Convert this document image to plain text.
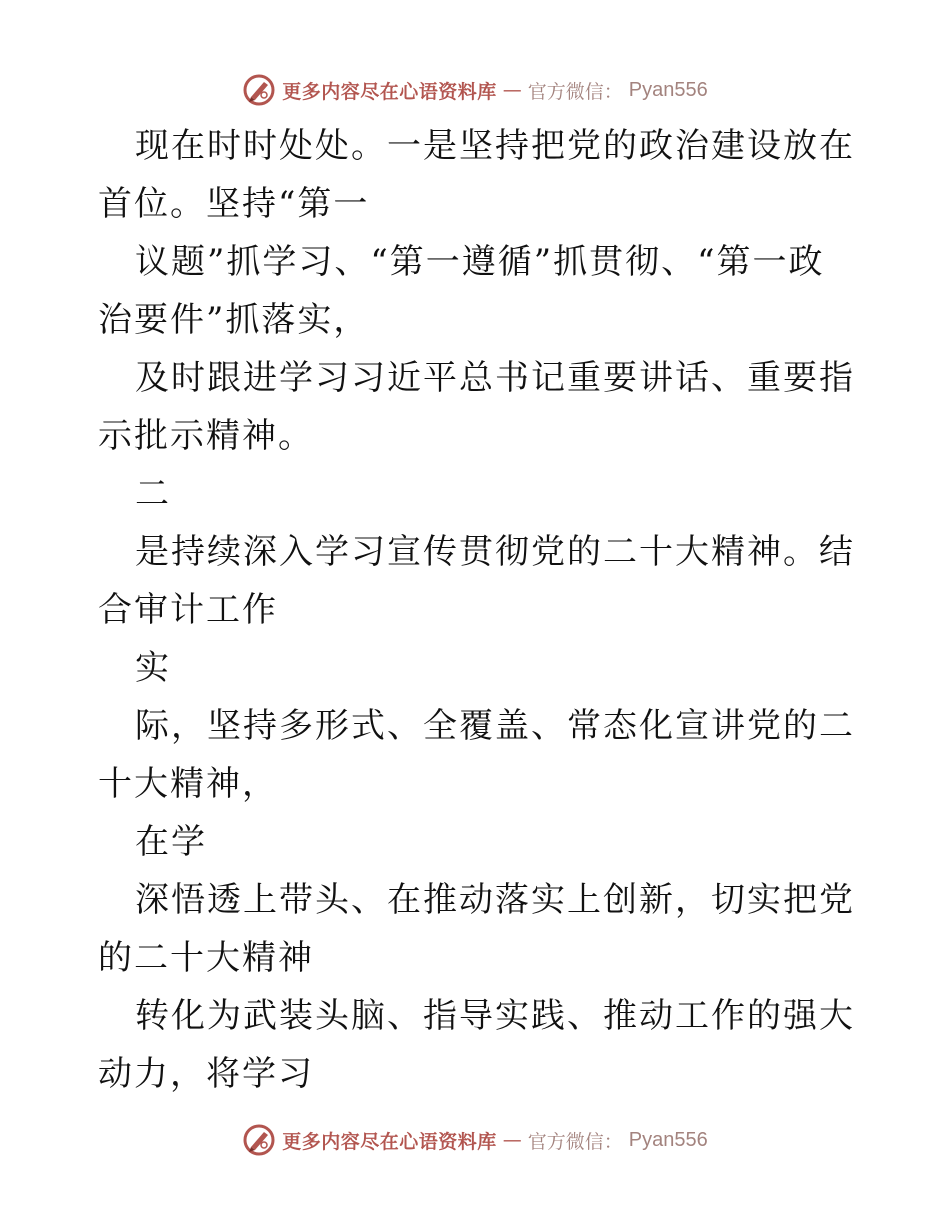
更多内容尽在心语资料库 — 官方微信： Pyan556

现在时时处处。一是坚持把党的政治建设放在首位。坚持“第一

议题”抓学习、“第一遵循”抓贯彻、“第一政治要件”抓落实，

及时跟进学习习近平总书记重要讲话、重要指示批示精神。

二

是持续深入学习宣传贯彻党的二十大精神。结合审计工作

实

际，坚持多形式、全覆盖、常态化宣讲党的二十大精神，

在学

深悟透上带头、在推动落实上创新，切实把党的二十大精神

转化为武装头脑、指导实践、推动工作的强大动力，将学习

更多内容尽在心语资料库 — 官方微信： Pyan556
